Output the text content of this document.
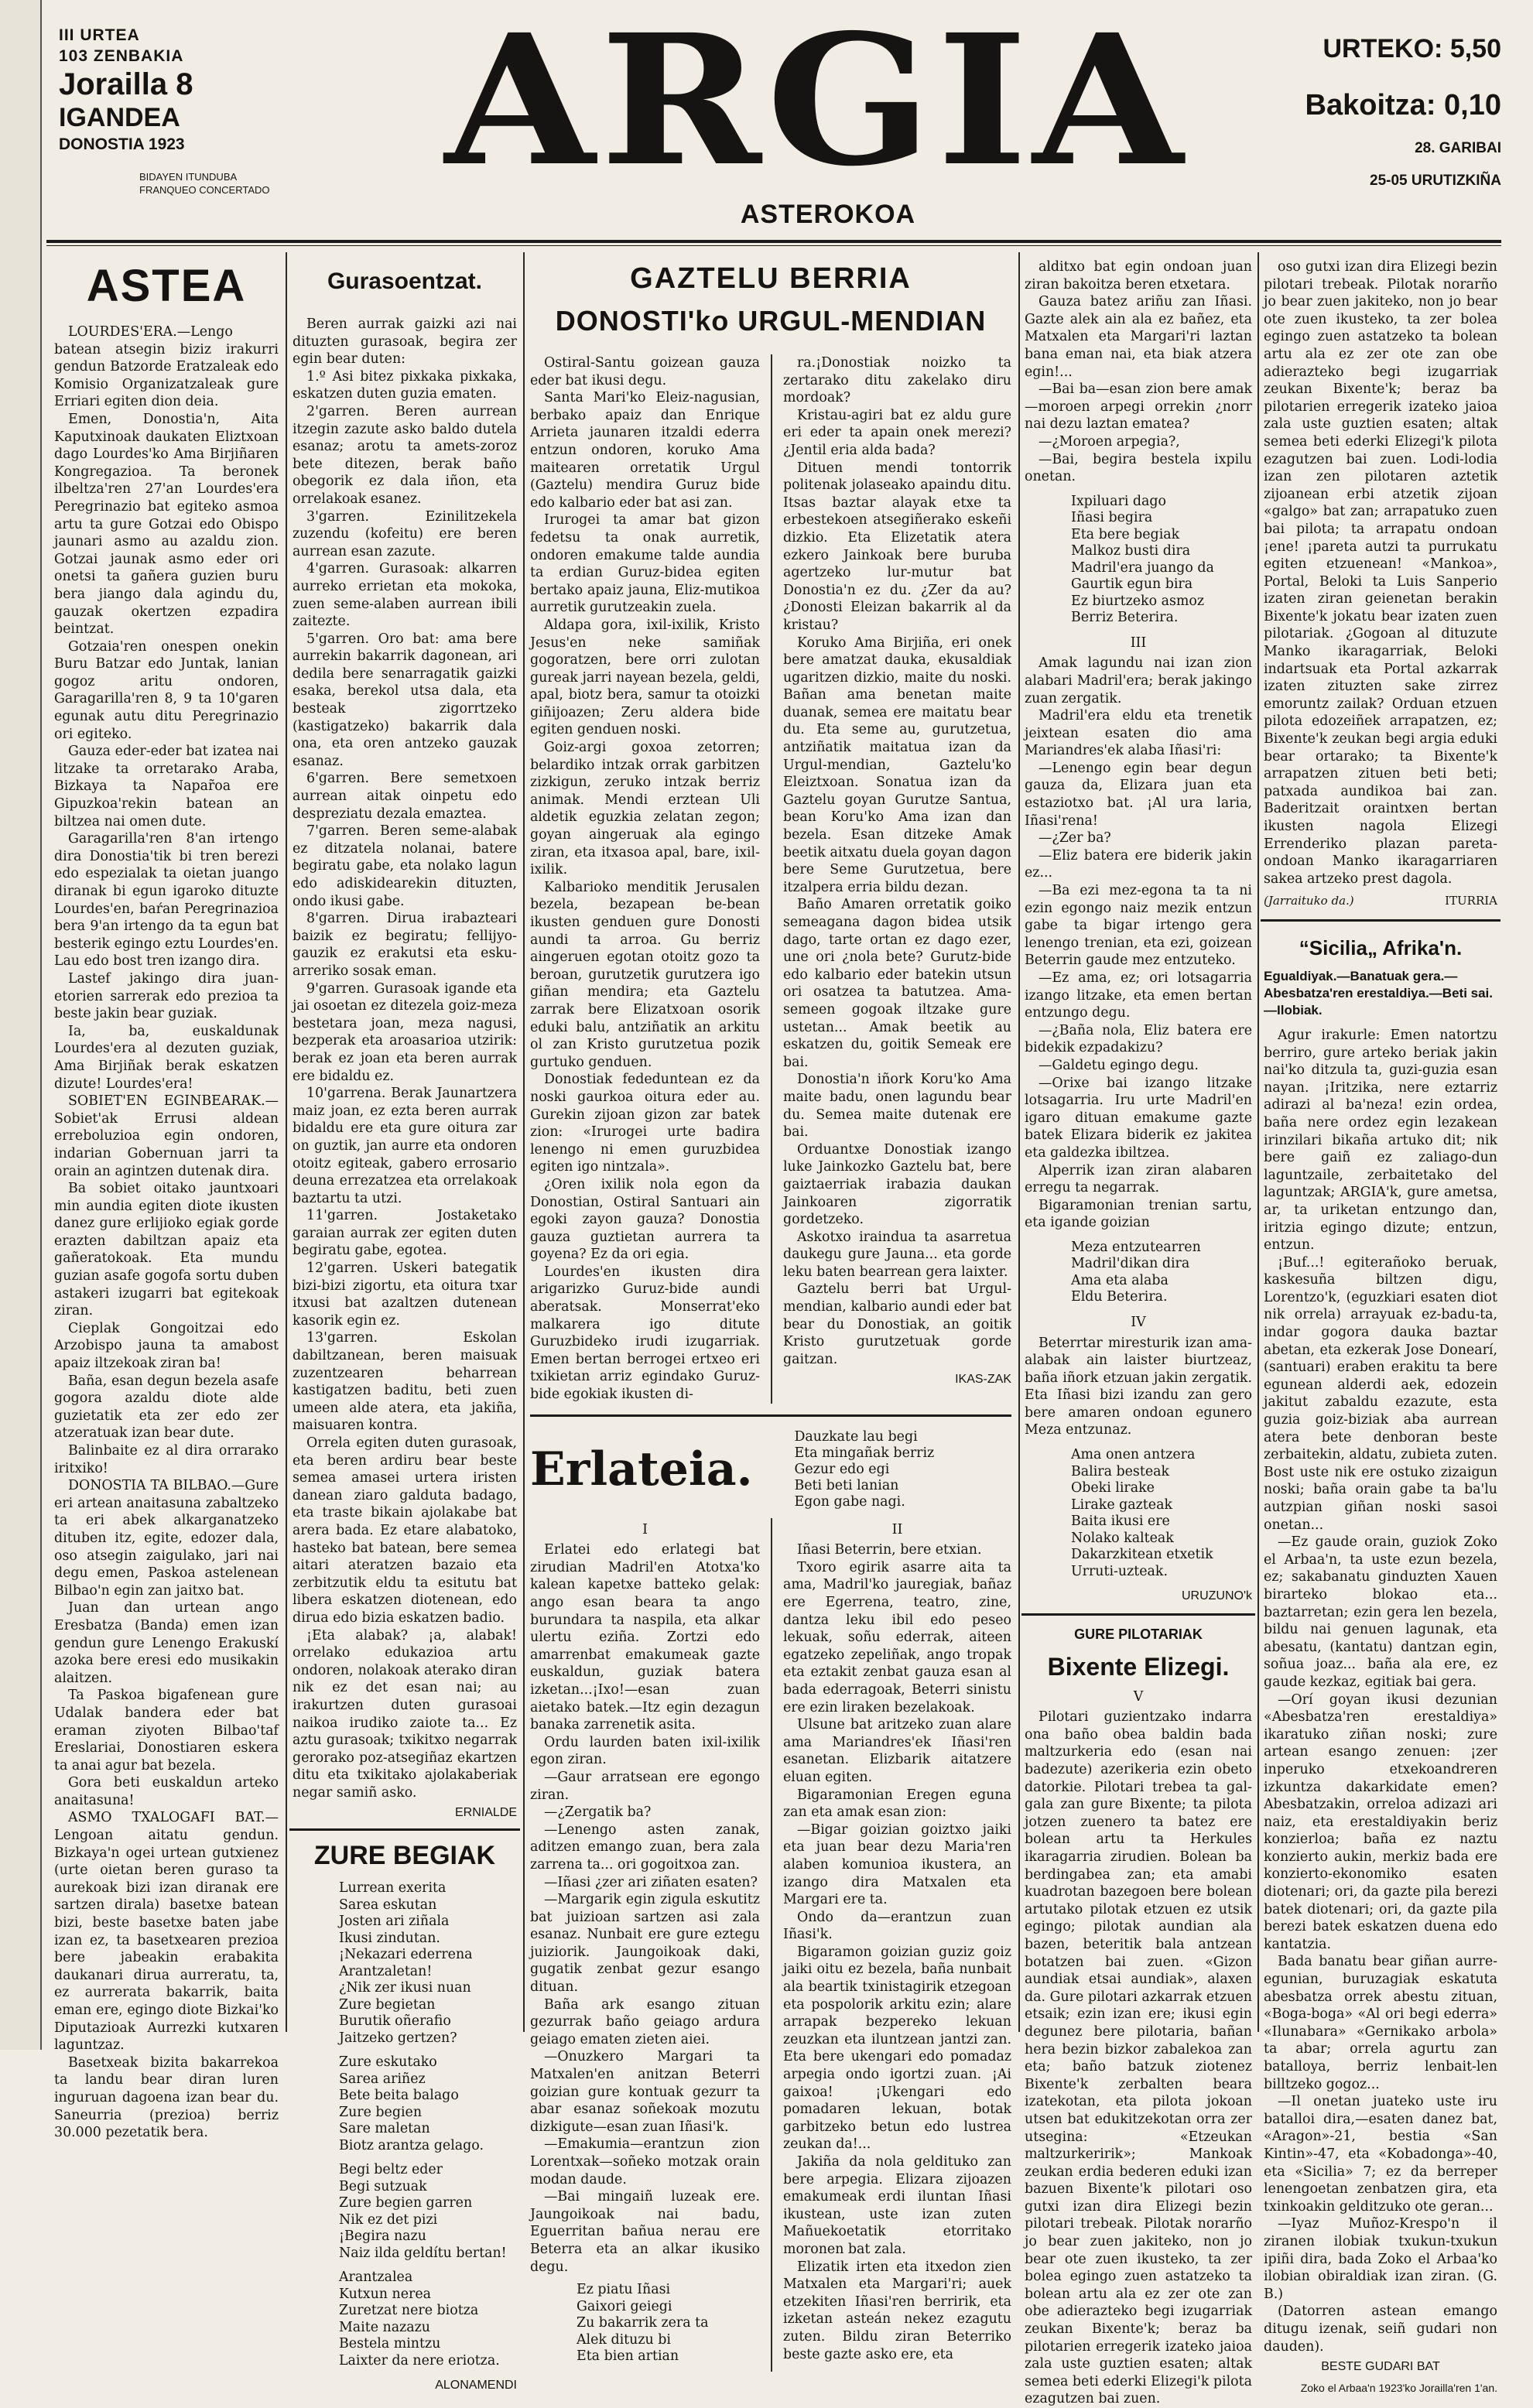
III URTEA
103 ZENBAKIA
Jorailla 8
IGANDEA
DONOSTIA 1923
BIDAYEN ITUNDUBA
FRANQUEO CONCERTADO ARGIA
ASTEROKOA
URTEKO: 5,50
Bakoitza: 0,10
28. GARIBAI
25-05 URUTIZKIÑA
ASTEA

LOURDES'ERA.—Lengo batean atsegin biziz irakurri gendun Batzorde Eratzaleak edo Komisio Organizatzaleak gure Erriari egiten dion deia.

Emen, Donostia'n, Aita Kaputxinoak daukaten Eliztxoan dago Lourdes'ko Ama Birjiñaren Kongregazioa. Ta beronek ilbeltza'ren 27'an Lourdes'era Peregrinazio bat egiteko asmoa artu ta gure Gotzai edo Obispo jaunari asmo au azaldu zion. Gotzai jaunak asmo eder ori onetsi ta gañera guzien buru bera jiango dala agindu du, gauzak okertzen ezpadira beintzat.

Gotzaia'ren onespen onekin Buru Batzar edo Juntak, lanian gogoz aritu ondoren, Garagarilla'ren 8, 9 ta 10'garen egunak autu ditu Peregrinazio ori egiteko.

Gauza eder-eder bat izatea nai litzake ta orretarako Araba, Bizkaya ta Napar̃oa ere Gipuzkoa'rekin batean an biltzea nai omen dute.

Garagarilla'ren 8'an irtengo dira Donostia'tik bi tren berezi edo espezialak ta oietan juango diranak bi egun igaroko dituzte Lourdes'en, baŕan Peregrinazioa bera 9'an irtengo da ta egun bat besterik egingo eztu Lourdes'en. Lau edo bost tren izango dira.

Lastef jakingo dira juan-etorien sarrerak edo prezioa ta beste jakin bear guziak.

Ia, ba, euskaldunak Lourdes'era al dezuten guziak, Ama Birjiñak berak eskatzen dizute! Lourdes'era!

SOBIET'EN EGINBEARAK.—Sobiet'ak Errusi aldean erreboluzioa egin ondoren, indarian Gobernuan jarri ta orain an agintzen dutenak dira.

Ba sobiet oitako jauntxoari min aundia egiten diote ikusten danez gure erlijioko egiak gorde erazten dabiltzan apaiz eta gañeratokoak. Eta mundu guzian asafe gogofa sortu duben astakeri izugarri bat egitekoak ziran.

Cieplak Gongoitzai edo Arzobispo jauna ta amabost apaiz iltzekoak ziran ba!

Baña, esan degun bezela asafe gogora azaldu diote alde guzietatik eta zer edo zer atzeratuak izan bear dute.

Balinbaite ez al dira orrarako iritxiko!

DONOSTIA TA BILBAO.—Gure eri artean anaitasuna zabaltzeko ta eri abek alkarganatzeko dituben itz, egite, edozer dala, oso atsegin zaigulako, jari nai degu emen, Paskoa astelenean Bilbao'n egin zan jaitxo bat.

Juan dan urtean ango Eresbatza (Banda) emen izan gendun gure Lenengo Erakuskí azoka bere eresi edo musikakin alaitzen.

Ta Paskoa bigafenean gure Udalak bandera eder bat eraman ziyoten Bilbao'taf Ereslariai, Donostiaren eskera ta anai agur bat bezela.

Gora beti euskaldun arteko anaitasuna!

ASMO TXALOGAFI BAT.—Lengoan aitatu gendun. Bizkaya'n ogei urtean gutxienez (urte oietan beren guraso ta aurekoak bizi izan diranak ere sartzen dirala) basetxe batean bizi, beste basetxe baten jabe izan ez, ta basetxearen prezioa bere jabeakin erabakita daukanari dirua aurreratu, ta, ez aurrerata bakarrik, baita eman ere, egingo diote Bizkai'ko Diputazioak Aurrezki kutxaren laguntzaz.

Basetxeak bizita bakarrekoa ta landu bear diran luren inguruan dagoena izan bear du. Saneurria (prezioa) berriz 30.000 pezetatik bera.

Gurasoentzat.

Beren aurrak gaizki azi nai dituzten gurasoak, begira zer egin bear duten:

1.º Asi bitez pixkaka pixkaka, eskatzen duten guzia ematen.

2'garren. Beren aurrean itzegin zazute asko baldo dutela esanaz; arotu ta amets-zoroz bete ditezen, berak baño obegorik ez dala iñon, eta orrelakoak esanez.

3'garren. Ezinilitzekela zuzendu (kofeitu) ere beren aurrean esan zazute.

4'garren. Gurasoak: alkarren aurreko errietan eta mokoka, zuen seme-alaben aurrean ibili zaitezte.

5'garren. Oro bat: ama bere aurrekin bakarrik dagonean, ari dedila bere senarragatik gaizki esaka, berekol utsa dala, eta besteak zigorrtzeko (kastigatzeko) bakarrik dala ona, eta oren antzeko gauzak esanaz.

6'garren. Bere semetxoen aurrean aitak oinpetu edo despreziatu dezala emaztea.

7'garren. Beren seme-alabak ez ditzatela nolanai, batere begiratu gabe, eta nolako lagun edo adiskidearekin dituzten, ondo ikusi gabe.

8'garren. Dirua irabazteari baizik ez begiratu; fellijyo-gauzik ez erakutsi eta esku-arreriko sosak eman.

9'garren. Gurasoak igande eta jai osoetan ez ditezela goiz-meza bestetara joan, meza nagusi, bezperak eta aroasarioa utzirik: berak ez joan eta beren aurrak ere bidaldu ez.

10'garrena. Berak Jaunartzera maiz joan, ez ezta beren aurrak bidaldu ere eta gure oitura zar on guztik, jan aurre eta ondoren otoitz egiteak, gabero errosario deuna errezatzea eta orrelakoak baztartu ta utzi.

11'garren. Jostaketako garaian aurrak zer egiten duten begiratu gabe, egotea.

12'garren. Uskeri bategatik bizi-bizi zigortu, eta oitura txar itxusi bat azaltzen dutenean kasorik egin ez.

13'garren. Eskolan dabiltzanean, beren maisuak zuzentzearen beharrean kastigatzen baditu, beti zuen umeen alde atera, eta jakiña, maisuaren kontra.

Orrela egiten duten gurasoak, eta beren ardiru bear beste semea amasei urtera iristen danean ziaro galduta badago, eta traste bikain ajolakabe bat arera bada. Ez etare alabatoko, hasteko bat batean, bere semea aitari ateratzen bazaio eta zerbitzutik eldu ta esitutu bat libera eskatzen diotenean, edo dirua edo bizia eskatzen badio.

¡Eta alabak? ¡a, alabak! orrelako edukazioa artu ondoren, nolakoak aterako diran nik ez det esan nai; au irakurtzen duten gurasoai naikoa irudiko zaiote ta... Ez aztu gurasoak; txikitxo negarrak gerorako poz-atsegiñaz ekartzen ditu eta txikitako ajolakaberiak negar samiñ asko.

ERNIALDE
ZURE BEGIAK
Lurrean exerita
Sarea eskutan
Josten ari ziñala
Ikusi zindutan.
¡Nekazari ederrena
Arantzaletan!
¿Nik zer ikusi nuan
Zure begietan
Burutik oñerafio
Jaitzeko gertzen?
Zure eskutako
Sarea ariñez
Bete beita balago
Zure begien
Sare maletan
Biotz arantza gelago.
Begi beltz eder
Begi sutzuak
Zure begien garren
Nik ez det pizi
¡Begira nazu
Naiz ilda geldítu bertan!
Arantzalea
Kutxun nerea
Zuretzat nere biotza
Maite nazazu
Bestela mintzu
Laixter da nere eriotza.
ALONAMENDI
GAZTELU BERRIA
DONOSTI'ko URGUL-MENDIAN

Ostiral-Santu goizean gauza eder bat ikusi degu.

Santa Mari'ko Eleiz-nagusian, berbako apaiz dan Enrique Arrieta jaunaren itzaldi ederra entzun ondoren, koruko Ama maitearen orretatik Urgul (Gaztelu) mendira Guruz bide edo kalbario eder bat asi zan.

Irurogei ta amar bat gizon fedetsu ta onak aurretik, ondoren emakume talde aundia ta erdian Guruz-bidea egiten bertako apaiz jauna, Eliz-mutikoa aurretik gurutzeakin zuela.

Aldapa gora, ixil-ixilik, Kristo Jesus'en neke samiñak gogoratzen, bere orri zulotan gureak jarri nayean bezela, geldi, apal, biotz bera, samur ta otoizki giñijoazen; Zeru aldera bide egiten genduen noski.

Goiz-argi goxoa zetorren; belardiko intzak orrak garbitzen zizkigun, zeruko intzak berriz animak. Mendi erztean Uli aldetik eguzkia zelatan zegon; goyan aingeruak ala egingo ziran, eta itxasoa apal, bare, ixil-ixilik.

Kalbarioko menditik Jerusalen bezela, bezapean be-bean ikusten genduen gure Donosti aundi ta arroa. Gu berriz aingeruen egotan otoitz gozo ta beroan, gurutzetik gurutzera igo giñan mendira; eta Gaztelu zarrak bere Elizatxoan osorik eduki balu, antziñatik an arkitu ol zan Kristo gurutzetua pozik gurtuko genduen.

Donostiak fededuntean ez da noski gaurkoa oitura eder au. Gurekin zijoan gizon zar batek zion: «Irurogei urte badira lenengo ni emen guruzbidea egiten igo nintzala».

¿Oren ixilik nola egon da Donostian, Ostiral Santuari ain egoki zayon gauza? Donostia gauza guztietan aurrera ta goyena? Ez da ori egia.

Lourdes'en ikusten dira arigarizko Guruz-bide aundi aberatsak. Monserrat'eko malkarera igo ditute Guruzbideko irudi izugarriak. Emen bertan berrogei ertxeo eri txikietan arriz egindako Guruz-bide egokiak ikusten di-

ra.¡Donostiak noizko ta zertarako ditu zakelako diru mordoak?

Kristau-agiri bat ez aldu gure eri eder ta apain onek merezi? ¿Jentil eria alda bada?

Dituen mendi tontorrik politenak jolaseako apaindu ditu. Itsas baztar alayak etxe ta erbestekoen atsegiñerako eskeñi dizkio. Eta Elizetatik atera ezkero Jainkoak bere buruba agertzeko lur-mutur bat Donostia'n ez du. ¿Zer da au? ¿Donosti Eleizan bakarrik al da kristau?

Koruko Ama Birjiña, eri onek bere amatzat dauka, ekusaldiak ugaritzen dizkio, maite du noski. Bañan ama benetan maite duanak, semea ere maitatu bear du. Eta seme au, gurutzetua, antziñatik maitatua izan da Urgul-mendian, Gaztelu'ko Eleiztxoan. Sonatua izan da Gaztelu goyan Gurutze Santua, bean Koru'ko Ama izan dan bezela. Esan ditzeke Amak beetik aitxatu duela goyan dagon bere Seme Gurutzetua, bere itzalpera erria bildu dezan.

Baño Amaren orretatik goiko semeagana dagon bidea utsik dago, tarte ortan ez dago ezer, une ori ¿nola bete? Gurutz-bide edo kalbario eder batekin utsun ori osatzea ta batutzea. Ama-semeen gogoak iltzake gure ustetan... Amak beetik au eskatzen du, goitik Semeak ere bai.

Donostia'n iñork Koru'ko Ama maite badu, onen lagundu bear du. Semea maite dutenak ere bai.

Orduantxe Donostiak izango luke Jainkozko Gaztelu bat, bere gaiztaerriak irabazia daukan Jainkoaren zigorratik gordetzeko.

Askotxo iraindua ta asarretua daukegu gure Jauna... eta gorde leku baten bearrean gera laixter.

Gaztelu berri bat Urgul-mendian, kalbario aundi eder bat bear du Donostiak, an goitik Kristo gurutzetuak gorde gaitzan.

IKAS-ZAK
Erlateia.
Dauzkate lau begi
Eta mingañak berriz
Gezur edo egi
Beti beti lanian
Egon gabe nagi.
I

Erlatei edo erlategi bat zirudian Madril'en Atotxa'ko kalean kapetxe batteko gelak: ango esan beara ta ango burundara ta naspila, eta alkar ulertu eziña. Zortzi edo amarrenbat emakumeak gazte euskaldun, guziak batera izketan...¡Ixo!—esan zuan aietako batek.—Itz egin dezagun banaka zarrenetik asita.

Ordu laurden baten ixil-ixilik egon ziran.

—Gaur arratsean ere egongo ziran.

—¿Zergatik ba?

—Lenengo asten zanak, aditzen emango zuan, bera zala zarrena ta... ori gogoitxoa zan.

—Iñasi ¿zer ari ziñaten esaten?

—Margarik egin zigula eskutitz bat juizioan sartzen asi zala esanaz. Nunbait ere gure eztegu juiziorik. Jaungoikoak daki, gugatik zenbat gezur esango dituan.

Baña ark esango zituan gezurrak baño geiago ardura geiago ematen zieten aiei.

—Onuzkero Margari ta Matxalen'en anitzan Beterri goizian gure kontuak gezurr ta abar esanaz soñekoak mozutu dizkigute—esan zuan Iñasi'k.

—Emakumia—erantzun zion Lorentxak—soñeko motzak orain modan daude.

—Bai mingaiñ luzeak ere. Jaungoikoak nai badu, Eguerritan bañua nerau ere Beterra eta an alkar ikusiko degu.

Ez piatu Iñasi
Gaixori geiegi
Zu bakarrik zera ta
Alek dituzu bi
Eta bien artian
II

Iñasi Beterrin, bere etxian.

Txoro egirik asarre aita ta ama, Madril'ko jauregiak, bañaz ere Egerrena, teatro, zine, dantza leku ibil edo peseo lekuak, soñu ederrak, aiteen egatzeko zepeliñak, ango tropak eta eztakit zenbat gauza esan al bada ederragoak, Beterri sinistu ere ezin liraken bezelakoak.

Ulsune bat aritzeko zuan alare ama Mariandres'ek Iñasi'ren esanetan. Elizbarik aitatzere eluan egiten.

Bigaramonian Eregen eguna zan eta amak esan zion:

—Bigar goizian goiztxo jaiki eta juan bear dezu Maria'ren alaben komunioa ikustera, an izango dira Matxalen eta Margari ere ta.

Ondo da—erantzun zuan Iñasi'k.

Bigaramon goizian guziz goiz jaiki oitu ez bezela, baña nunbait ala beartik txinistagirik etzegoan eta pospolorik arkitu ezin; alare arrapak bezpereko lekuan zeuzkan eta iluntzean jantzi zan. Eta bere ukengari edo pomadaz arpegia ondo igortzi zuan. ¡Ai gaixoa! ¡Ukengari edo pomadaren lekuan, botak garbitzeko betun edo lustrea zeukan da!...

Jakiña da nola geldituko zan bere arpegia. Elizara zijoazen emakumeak erdi iluntan Iñasi ikustean, uste izan zuten Mañuekoetatik etorritako moronen bat zala.

Elizatik irten eta itxedon zien Matxalen eta Margari'ri; auek etzekiten Iñasi'ren berririk, eta izketan asteán nekez ezagutu zuten. Bildu ziran Beterriko beste gazte asko ere, eta

alditxo bat egin ondoan juan ziran bakoitza beren etxetara.

Gauza batez ariñu zan Iñasi. Gazte alek ain ala ez bañez, eta Matxalen eta Margari'ri laztan bana eman nai, eta biak atzera egin!...

—Bai ba—esan zion bere amak—moroen arpegi orrekin ¿norr nai dezu laztan ematea?

—¿Moroen arpegia?,

—Bai, begira bestela ixpilu onetan.

Ixpiluari dago
Iñasi begira
Eta bere begiak
Malkoz busti dira
Madril'era juango da
Gaurtik egun bira
Ez biurtzeko asmoz
Berriz Beterira.
III

Amak lagundu nai izan zion alabari Madril'era; berak jakingo zuan zergatik.

Madril'era eldu eta trenetik jeixtean esaten dio ama Mariandres'ek alaba Iñasi'ri:

—Lenengo egin bear degun gauza da, Elizara juan eta estaziotxo bat. ¡Al ura laria, Iñasi'rena!

—¿Zer ba?

—Eliz batera ere biderik jakin ez...

—Ba ezi mez-egona ta ta ni ezin egongo naiz mezik entzun gabe ta bigar irtengo gera lenengo trenian, eta ezi, goizean Beterrin gaude mez entzuteko.

—Ez ama, ez; ori lotsagarria izango litzake, eta emen bertan entzungo degu.

—¿Baña nola, Eliz batera ere bidekik ezpadakizu?

—Galdetu egingo degu.

—Orixe bai izango litzake lotsagarria. Iru urte Madril'en igaro dituan emakume gazte batek Elizara biderik ez jakitea eta galdezka ibiltzea.

Alperrik izan ziran alabaren erregu ta negarrak.

Bigaramonian trenian sartu, eta igande goizian

Meza entzutearren
Madril'dikan dira
Ama eta alaba
Eldu Beterira.
IV

Beterrtar miresturik izan ama-alabak ain laister biurtzeaz, baña iñork etzuan jakin zergatik. Eta Iñasi bizi izandu zan gero bere amaren ondoan egunero Meza entzunaz.

Ama onen antzera
Balira besteak
Obeki lirake
Lirake gazteak
Baita ikusi ere
Nolako kalteak
Dakarzkitean etxetik
Urruti-uzteak.
URUZUNO'k
GURE PILOTARIAK
Bixente Elizegi.
V

Pilotari guzientzako indarra ona baño obea baldin bada maltzurkeria edo (esan nai badezute) azerikeria ezin obeto datorkie. Pilotari trebea ta gal-gala zan gure Bixente; ta pilota jotzen zuenero ta batez ere bolean artu ta Herkules ikaragarria zirudien. Bolean ba berdingabea zan; eta amabi kuadrotan bazegoen bere bolean artutako pilotak etzuen ez utsik egingo; pilotak aundian ala bazen, beteritik bala antzean botatzen bai zuen. «Gizon aundiak etsai aundiak», alaxen da. Gure pilotari azkarrak etzuen etsaik; ezin izan ere; ikusi egin degunez bere pilotaria, bañan hera bezin bizkor zabalekoa zan eta; baño batzuk ziotenez Bixente'k zerbalten beara izatekotan, eta pilota jokoan utsen bat edukitzekotan orra zer utsegina: «Etzeukan maltzurkeririk»; Mankoak zeukan erdia bederen eduki izan bazuen Bixente'k pilotari oso gutxi izan dira Elizegi bezin pilotari trebeak. Pilotak norarño jo bear zuen jakiteko, non jo bear ote zuen ikusteko, ta zer bolea egingo zuen astatzeko ta bolean artu ala ez zer ote zan obe adierazteko begi izugarriak zeukan Bixente'k; beraz ba pilotarien erregerik izateko jaioa zala uste guztien esaten; altak semea beti ederki Elizegi'k pilota ezagutzen bai zuen.

oso gutxi izan dira Elizegi bezin pilotari trebeak. Pilotak norarño jo bear zuen jakiteko, non jo bear ote zuen ikusteko, ta zer bolea egingo zuen astatzeko ta bolean artu ala ez zer ote zan obe adierazteko begi izugarriak zeukan Bixente'k; beraz ba pilotarien erregerik izateko jaioa zala uste guztien esaten; altak semea beti ederki Elizegi'k pilota ezagutzen bai zuen. Lodi-lodia izan zen pilotaren aztetik zijoanean erbi atzetik zijoan «galgo» bat zan; arrapatuko zuen bai pilota; ta arrapatu ondoan ¡ene! ¡pareta autzi ta purrukatu egiten etzuenean! «Mankoa», Portal, Beloki ta Luis Sanperio izaten ziran geienetan berakin Bixente'k jokatu bear izaten zuen pilotariak. ¿Gogoan al dituzute Manko ikaragarriak, Beloki indartsuak eta Portal azkarrak izaten zituzten sake zirrez emoruntz zailak? Orduan etzuen pilota edozeiñek arrapatzen, ez; Bixente'k zeukan begi argia eduki bear ortarako; ta Bixente'k arrapatzen zituen beti beti; patxada aundikoa bai zan. Baderitzait oraintxen bertan ikusten nagola Elizegi Errenderiko plazan pareta-ondoan Manko ikaragarriaren sakea artzeko prest dagola.

(Jarraituko da.)	ITURRIA
“Sicilia„ Afrika'n.
Egualdiyak.—Banatuak gera.—Abesbatza'ren erestaldiya.—Beti sai.—Ilobiak.

Agur irakurle: Emen natortzu berriro, gure arteko beriak jakin nai'ko ditzula ta, guzi-guzia esan nayan. ¡Iritzika, nere eztarriz adirazi al ba'neza! ezin ordea, baña nere ordez egin lezakean irinzilari bikaña artuko dit; nik bere gaiñ ez zaliago-dun laguntzaile, zerbaitetako del laguntzak; ARGIA'k, gure ametsa, ar, ta uriketan entzungo dan, iritzia egingo dizute; entzun, entzun.

¡Buf...! egiterañoko beruak, kaskesuña biltzen digu, Lorentzo'k, (eguzkiari esaten diot nik orrela) arrayuak ez-badu-ta, indar gogora dauka baztar abetan, eta ezkerak Jose Donearí, (santuari) eraben erakitu ta bere egunean alderdi aek, edozein jakitut zabaldu ezazute, esta guzia goiz-biziak aba aurrean atera bete denboran beste zerbaitekin, aldatu, zubieta zuten. Bost uste nik ere ostuko zizaigun noski; baña orain gabe ta ba'lu autzpian giñan noski sasoi onetan...

—Ez gaude orain, guziok Zoko el Arbaa'n, ta uste ezun bezela, ez; sakabanatu ginduzten Xauen birarteko blokao eta... baztarretan; ezin gera len bezela, bildu nai genuen lagunak, eta abesatu, (kantatu) dantzan egin, soñua joaz... baña ala ere, ez gaude kezkaz, egitiak bai gera.

—Orí goyan ikusi dezunian «Abesbatza'ren erestaldiya» ikaratuko ziñan noski; zure artean esango zenuen: ¡zer inperuko etxekoandreren izkuntza dakarkidate emen? Abesbatzakin, orreloa adizazi ari naiz, eta erestaldiyakin beriz konzierloa; baña ez naztu konzierto aukin, merkiz bada ere konzierto-ekonomiko esaten diotenari; ori, da gazte pila berezi batek diotenari; ori, da gazte pila berezi batek eskatzen duena edo kantatzia.

Bada banatu bear giñan aurre-egunian, buruzagiak eskatuta abesbatza orrek abestu zituan, «Boga-boga» «Al ori begi ederra» «Ilunabara» «Gernikako arbola» ta abar; orrela agurtu zan batalloya, berriz lenbait-len billtzeko gogoz...

—Il onetan juateko uste iru batalloi dira,—esaten danez bat, «Aragon»-21, bestia «San Kintin»-47, eta «Kobadonga»-40, eta «Sicilia» 7; ez da berreper lenengoetan zenbatzen gira, eta txinkoakin gelditzuko ote geran...

—Iyaz Muñoz-Krespo'n il ziranen ilobiak txukun-txukun ipiñi dira, bada Zoko el Arbaa'ko ilobian obiraldiak izan ziran. (G. B.)

(Datorren astean emango ditugu izenak, seiñ gudari non dauden).

BESTE GUDARI BAT
Zoko el Arbaa'n 1923'ko Jorailla'ren 1'an.
